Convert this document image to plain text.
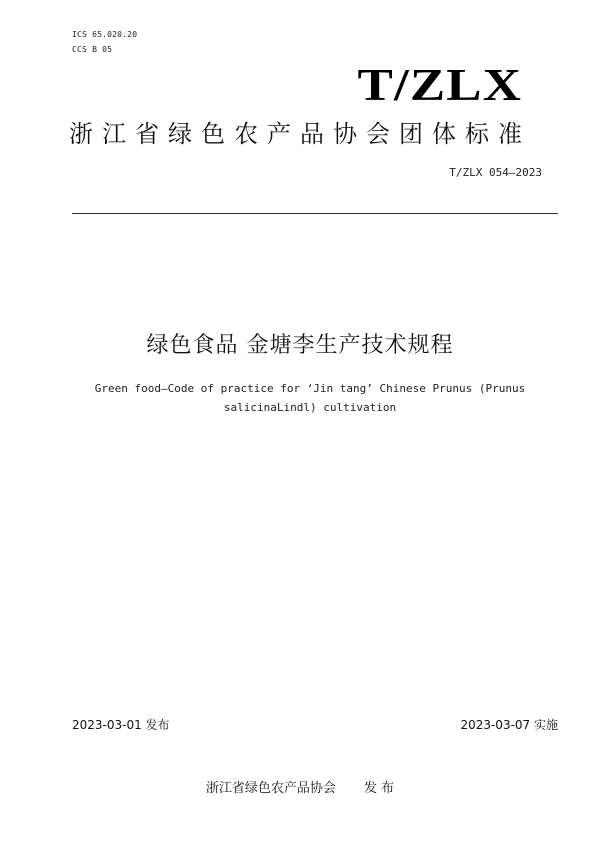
ICS 65.020.20
CCS B 05
T/ZLX
浙江省绿色农产品协会团体标准
T/ZLX 054—2023
绿色食品 金塘李生产技术规程
Green food—Code of practice for ‘Jin tang’ Chinese Prunus (Prunus
salicinaLindl) cultivation
2023-03-01 发布	2023-03-07 实施
浙江省绿色农产品协会 发 布
